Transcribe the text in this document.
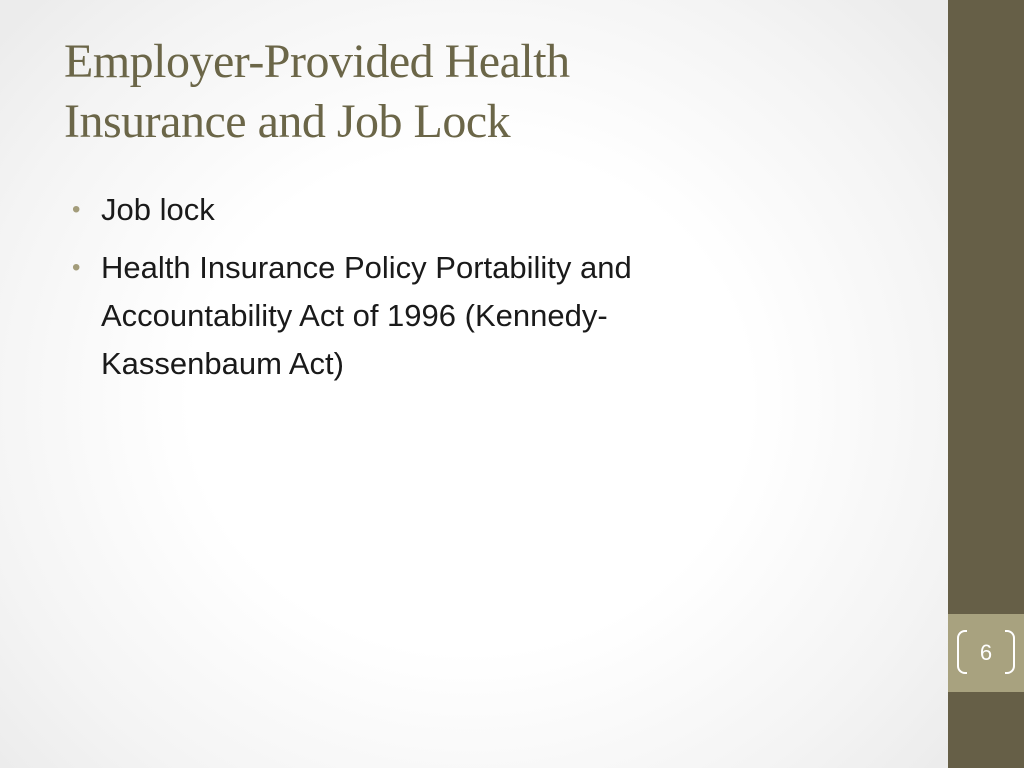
Employer-Provided Health
Insurance and Job Lock
• Job lock
• Health Insurance Policy Portability and Accountability Act of 1996 (Kennedy-Kassenbaum Act)
6
